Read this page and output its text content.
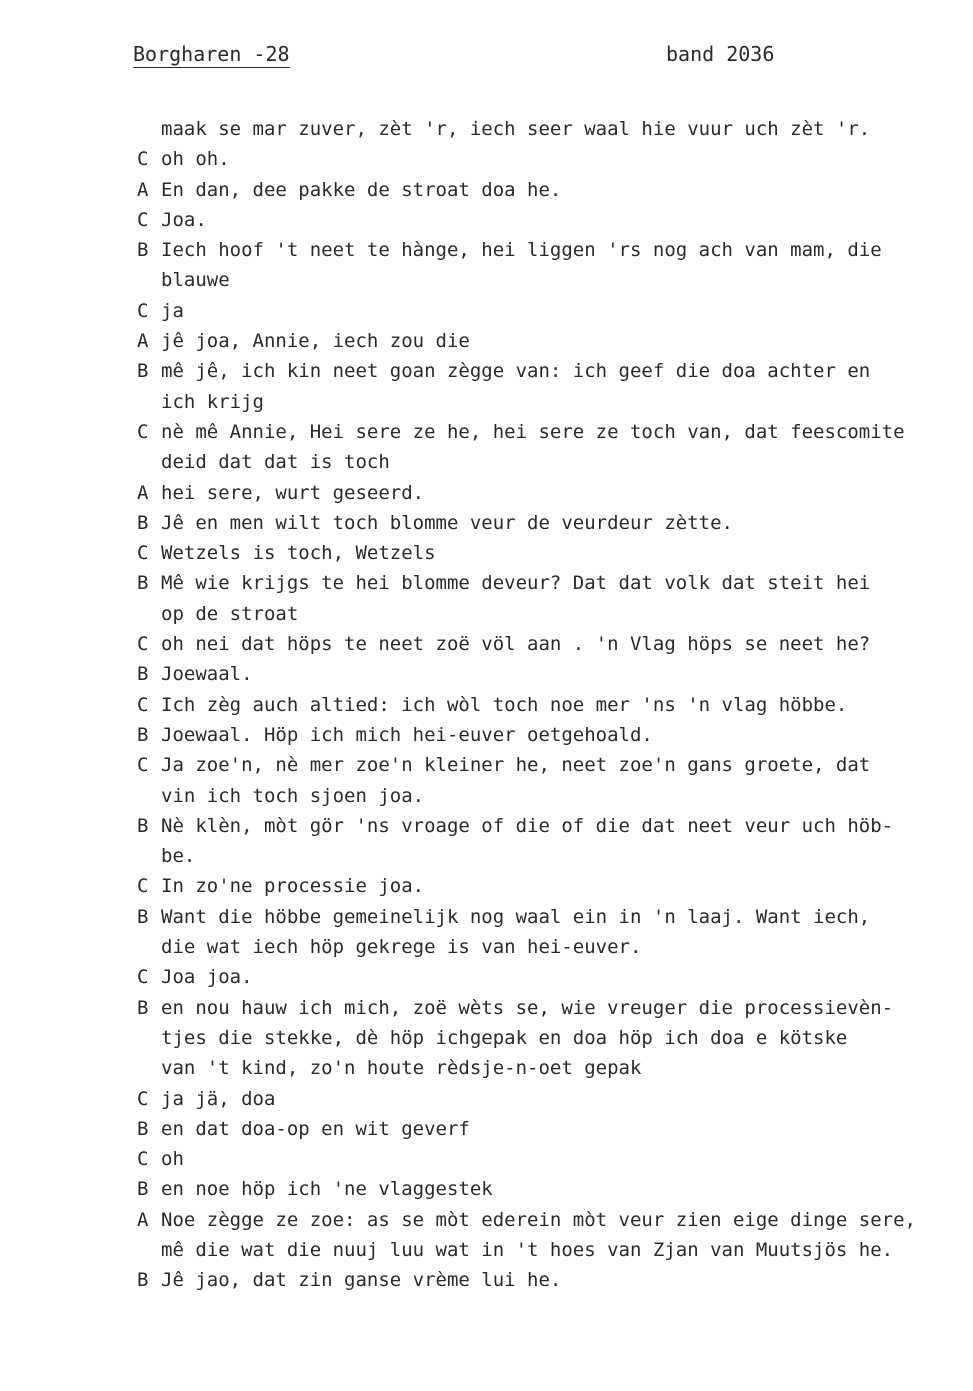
Borgharen -28	band 2036
maak se mar zuver, zèt 'r, iech seer waal hie vuur uch zèt 'r.
C oh oh.
A En dan, dee pakke de stroat doa he.
C Joa.
B Iech hoof 't neet te hànge, hei liggen 'rs nog ach van mam, die
blauwe
C ja
A jê joa, Annie, iech zou die
B mê jê, ich kin neet goan zègge van: ich geef die doa achter en
ich krijg
C nè mê Annie, Hei sere ze he, hei sere ze toch van, dat feescomite
deid dat dat is toch
A hei sere, wurt geseerd.
B Jê en men wilt toch blomme veur de veurdeur zètte.
C Wetzels is toch, Wetzels
B Mê wie krijgs te hei blomme deveur? Dat dat volk dat steit hei
op de stroat
C oh nei dat höps te neet zoë völ aan . 'n Vlag höps se neet he?
B Joewaal.
C Ich zèg auch altied: ich wòl toch noe mer 'ns 'n vlag höbbe.
B Joewaal. Höp ich mich hei-euver oetgehoald.
C Ja zoe'n, nè mer zoe'n kleiner he, neet zoe'n gans groete, dat
vin ich toch sjoen joa.
B Nè klèn, mòt gör 'ns vroage of die of die dat neet veur uch höb-
be.
C In zo'ne processie joa.
B Want die höbbe gemeinelijk nog waal ein in 'n laaj. Want iech,
die wat iech höp gekrege is van hei-euver.
C Joa joa.
B en nou hauw ich mich, zoë wèts se, wie vreuger die processievèn-
tjes die stekke, dè höp ichgepak en doa höp ich doa e kötske
van 't kind, zo'n houte rèdsje-n-oet gepak
C ja jä, doa
B en dat doa-op en wit geverf
C oh
B en noe höp ich 'ne vlaggestek
A Noe zègge ze zoe: as se mòt ederein mòt veur zien eige dinge sere,
mê die wat die nuuj luu wat in 't hoes van Zjan van Muutsjös he.
B Jê jao, dat zin ganse vrème lui he.
